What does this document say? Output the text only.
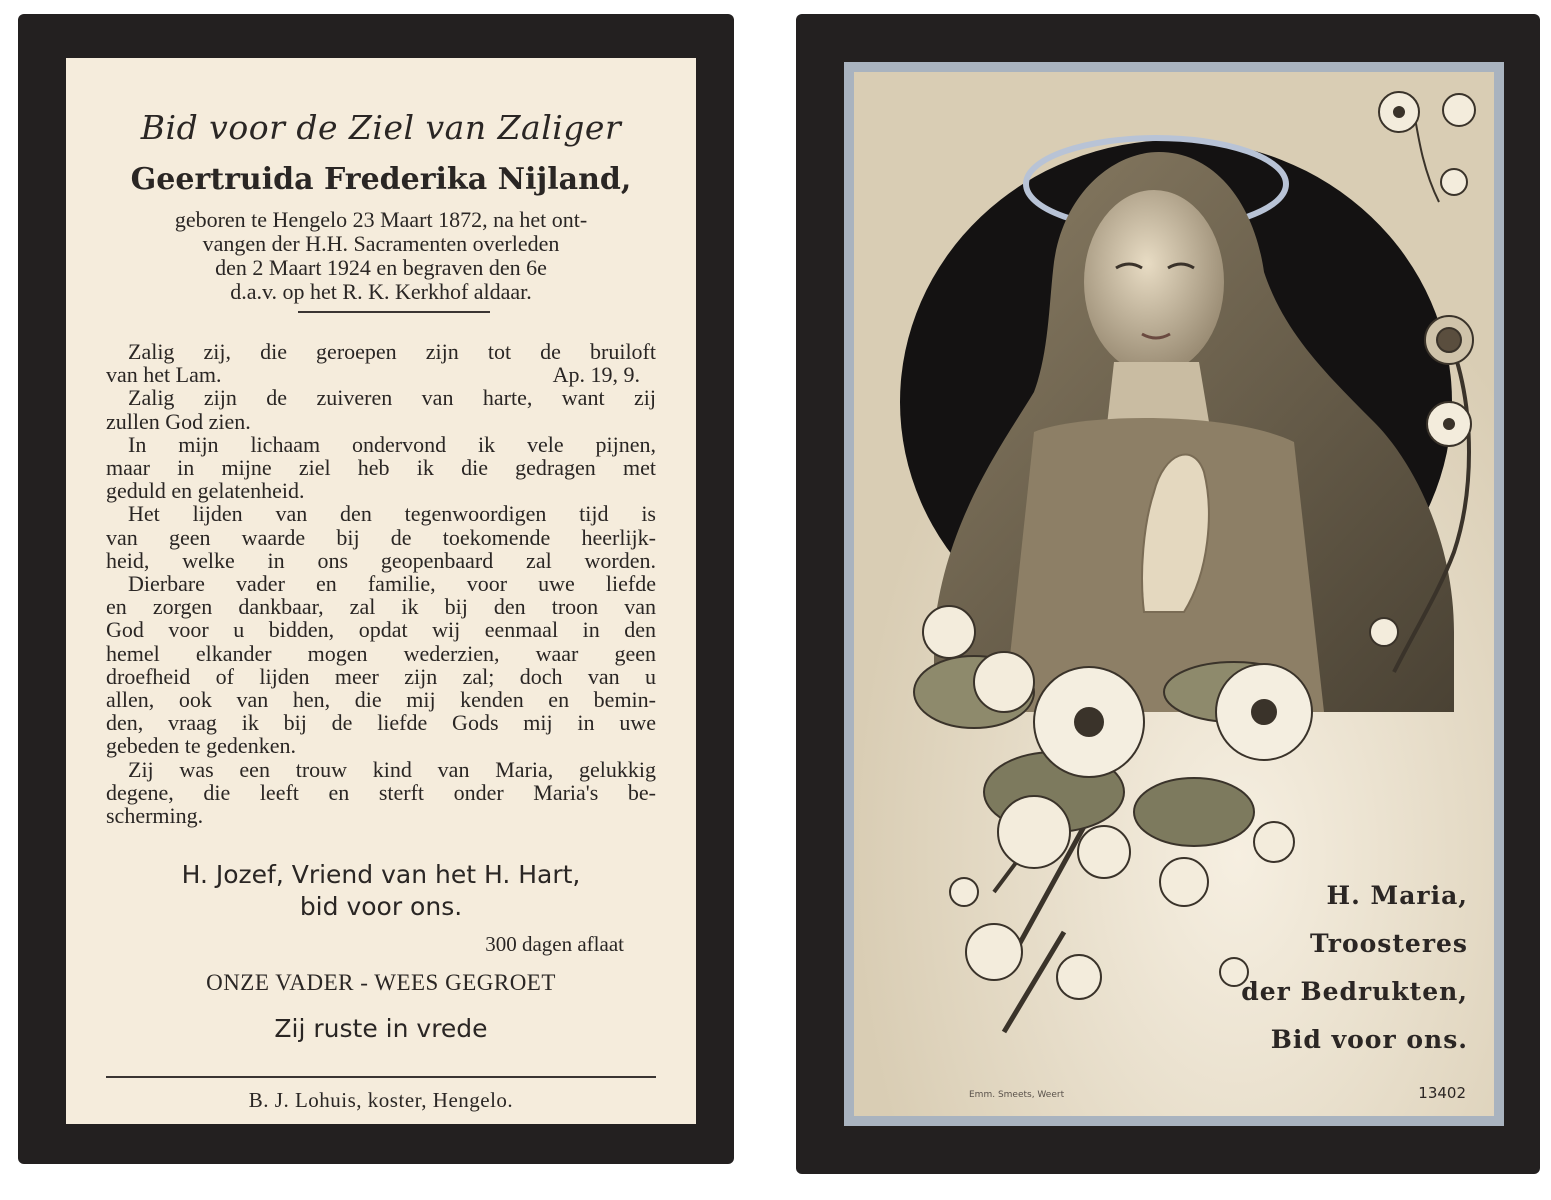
Bid voor de Ziel van Zaliger
Geertruida Frederika Nijland,
geboren te Hengelo 23 Maart 1872, na het ont-
vangen der H.H. Sacramenten overleden
den 2 Maart 1924 en begraven den 6e
d.a.v. op het R. K. Kerkhof aldaar.
Zalig zij, die geroepen zijn tot de bruiloft
van het Lam.	Ap. 19, 9.
Zalig zijn de zuiveren van harte, want zij
zullen God zien.
In mijn lichaam ondervond ik vele pijnen,
maar in mijne ziel heb ik die gedragen met
geduld en gelatenheid.
Het lijden van den tegenwoordigen tijd is
van geen waarde bij de toekomende heerlijk-
heid, welke in ons geopenbaard zal worden.
Dierbare vader en familie, voor uwe liefde
en zorgen dankbaar, zal ik bij den troon van
God voor u bidden, opdat wij eenmaal in den
hemel elkander mogen wederzien, waar geen
droefheid of lijden meer zijn zal; doch van u
allen, ook van hen, die mij kenden en bemin-
den, vraag ik bij de liefde Gods mij in uwe
gebeden te gedenken.
Zij was een trouw kind van Maria, gelukkig
degene, die leeft en sterft onder Maria's be-
scherming.
H. Jozef, Vriend van het H. Hart,
bid voor ons.
300 dagen aflaat
ONZE VADER - WEES GEGROET
Zij ruste in vrede
B. J. Lohuis, koster, Hengelo.
H. Maria,
Troosteres
der Bedrukten,
Bid voor ons.
Emm. Smeets, Weert	13402
